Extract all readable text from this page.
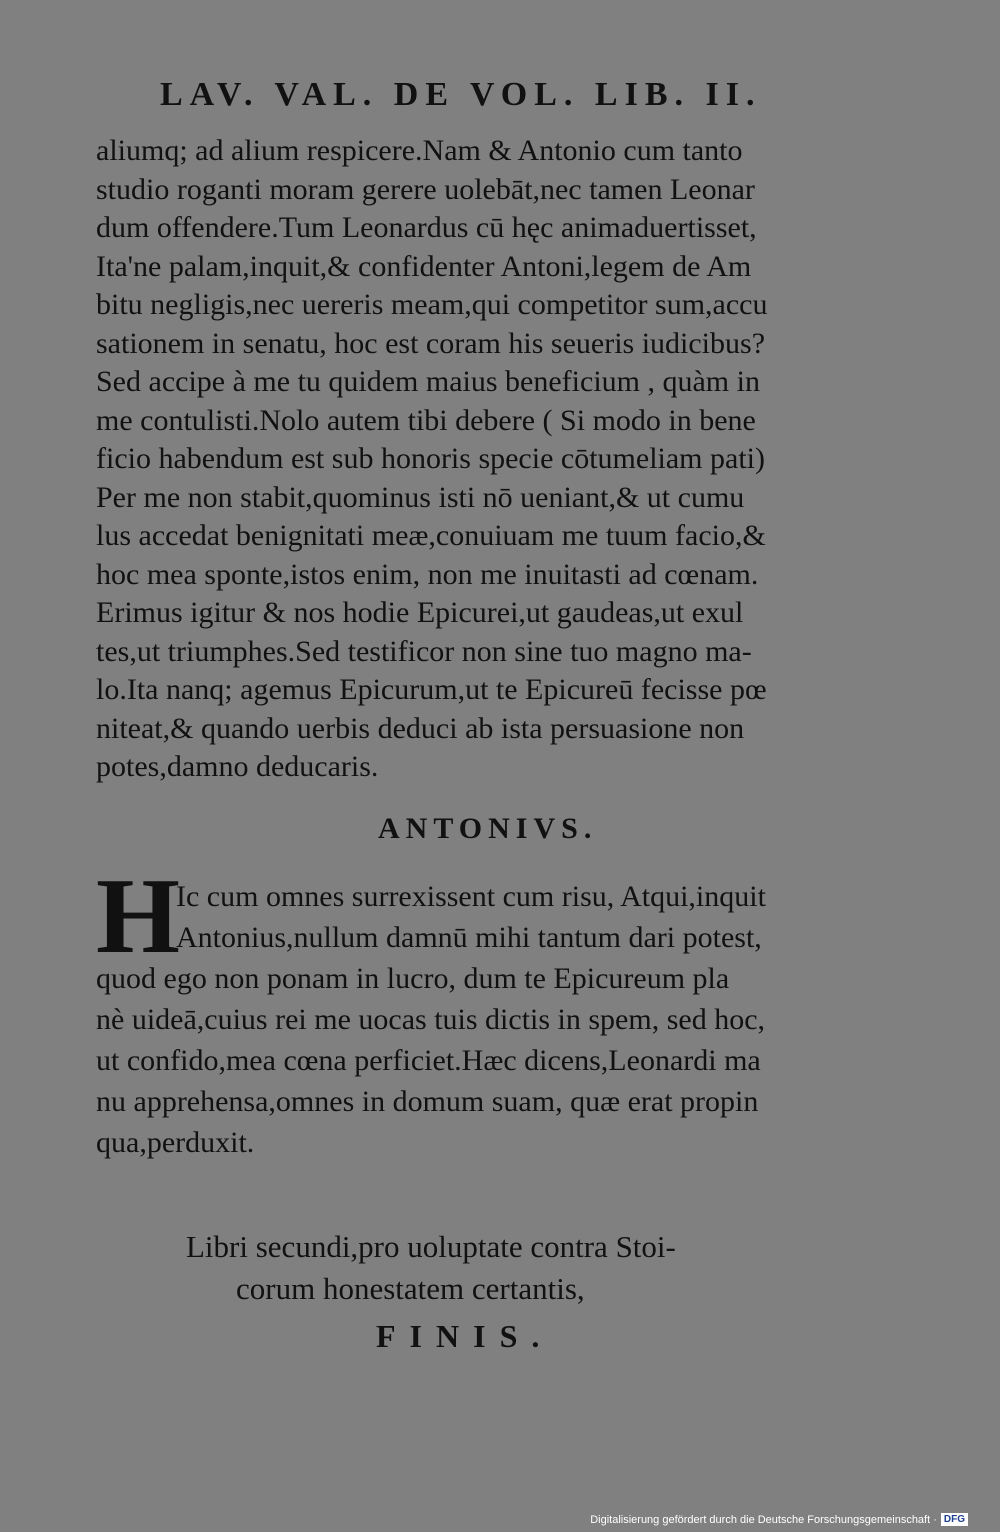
LAV. VAL. DE VOL. LIB. II.
aliumq; ad alium respicere.Nam & Antonio cum tanto
studio roganti moram gerere uolebāt,nec tamen Leonar
dum offendere.Tum Leonardus cū hęc animaduertisset,
Ita'ne palam,inquit,& confidenter Antoni,legem de Am
bitu negligis,nec uereris meam,qui competitor sum,accu
sationem in senatu, hoc est coram his seueris iudicibus?
Sed accipe à me tu quidem maius beneficium , quàm in
me contulisti.Nolo autem tibi debere ( Si modo in bene
ficio habendum est sub honoris specie cōtumeliam pati)
Per me non stabit,quominus isti nō ueniant,& ut cumu
lus accedat benignitati meæ,conuiuam me tuum facio,&
hoc mea sponte,istos enim, non me inuitasti ad cœnam.
Erimus igitur & nos hodie Epicurei,ut gaudeas,ut exul
tes,ut triumphes.Sed testificor non sine tuo magno ma-
lo.Ita nanq; agemus Epicurum,ut te Epicureū fecisse pœ
niteat,& quando uerbis deduci ab ista persuasione non
potes,damno deducaris.
ANTONIVS.
H
Ic cum omnes surrexissent cum risu, Atqui,inquit
Antonius,nullum damnū mihi tantum dari potest,
quod ego non ponam in lucro, dum te Epicureum pla
nè uideā,cuius rei me uocas tuis dictis in spem, sed hoc,
ut confido,mea cœna perficiet.Hæc dicens,Leonardi ma
nu apprehensa,omnes in domum suam, quæ erat propin
qua,perduxit.
Libri secundi,pro uoluptate contra Stoi-
corum honestatem certantis,
FINIS.
Digitalisierung gefördert durch die Deutsche Forschungsgemeinschaft · DFG
